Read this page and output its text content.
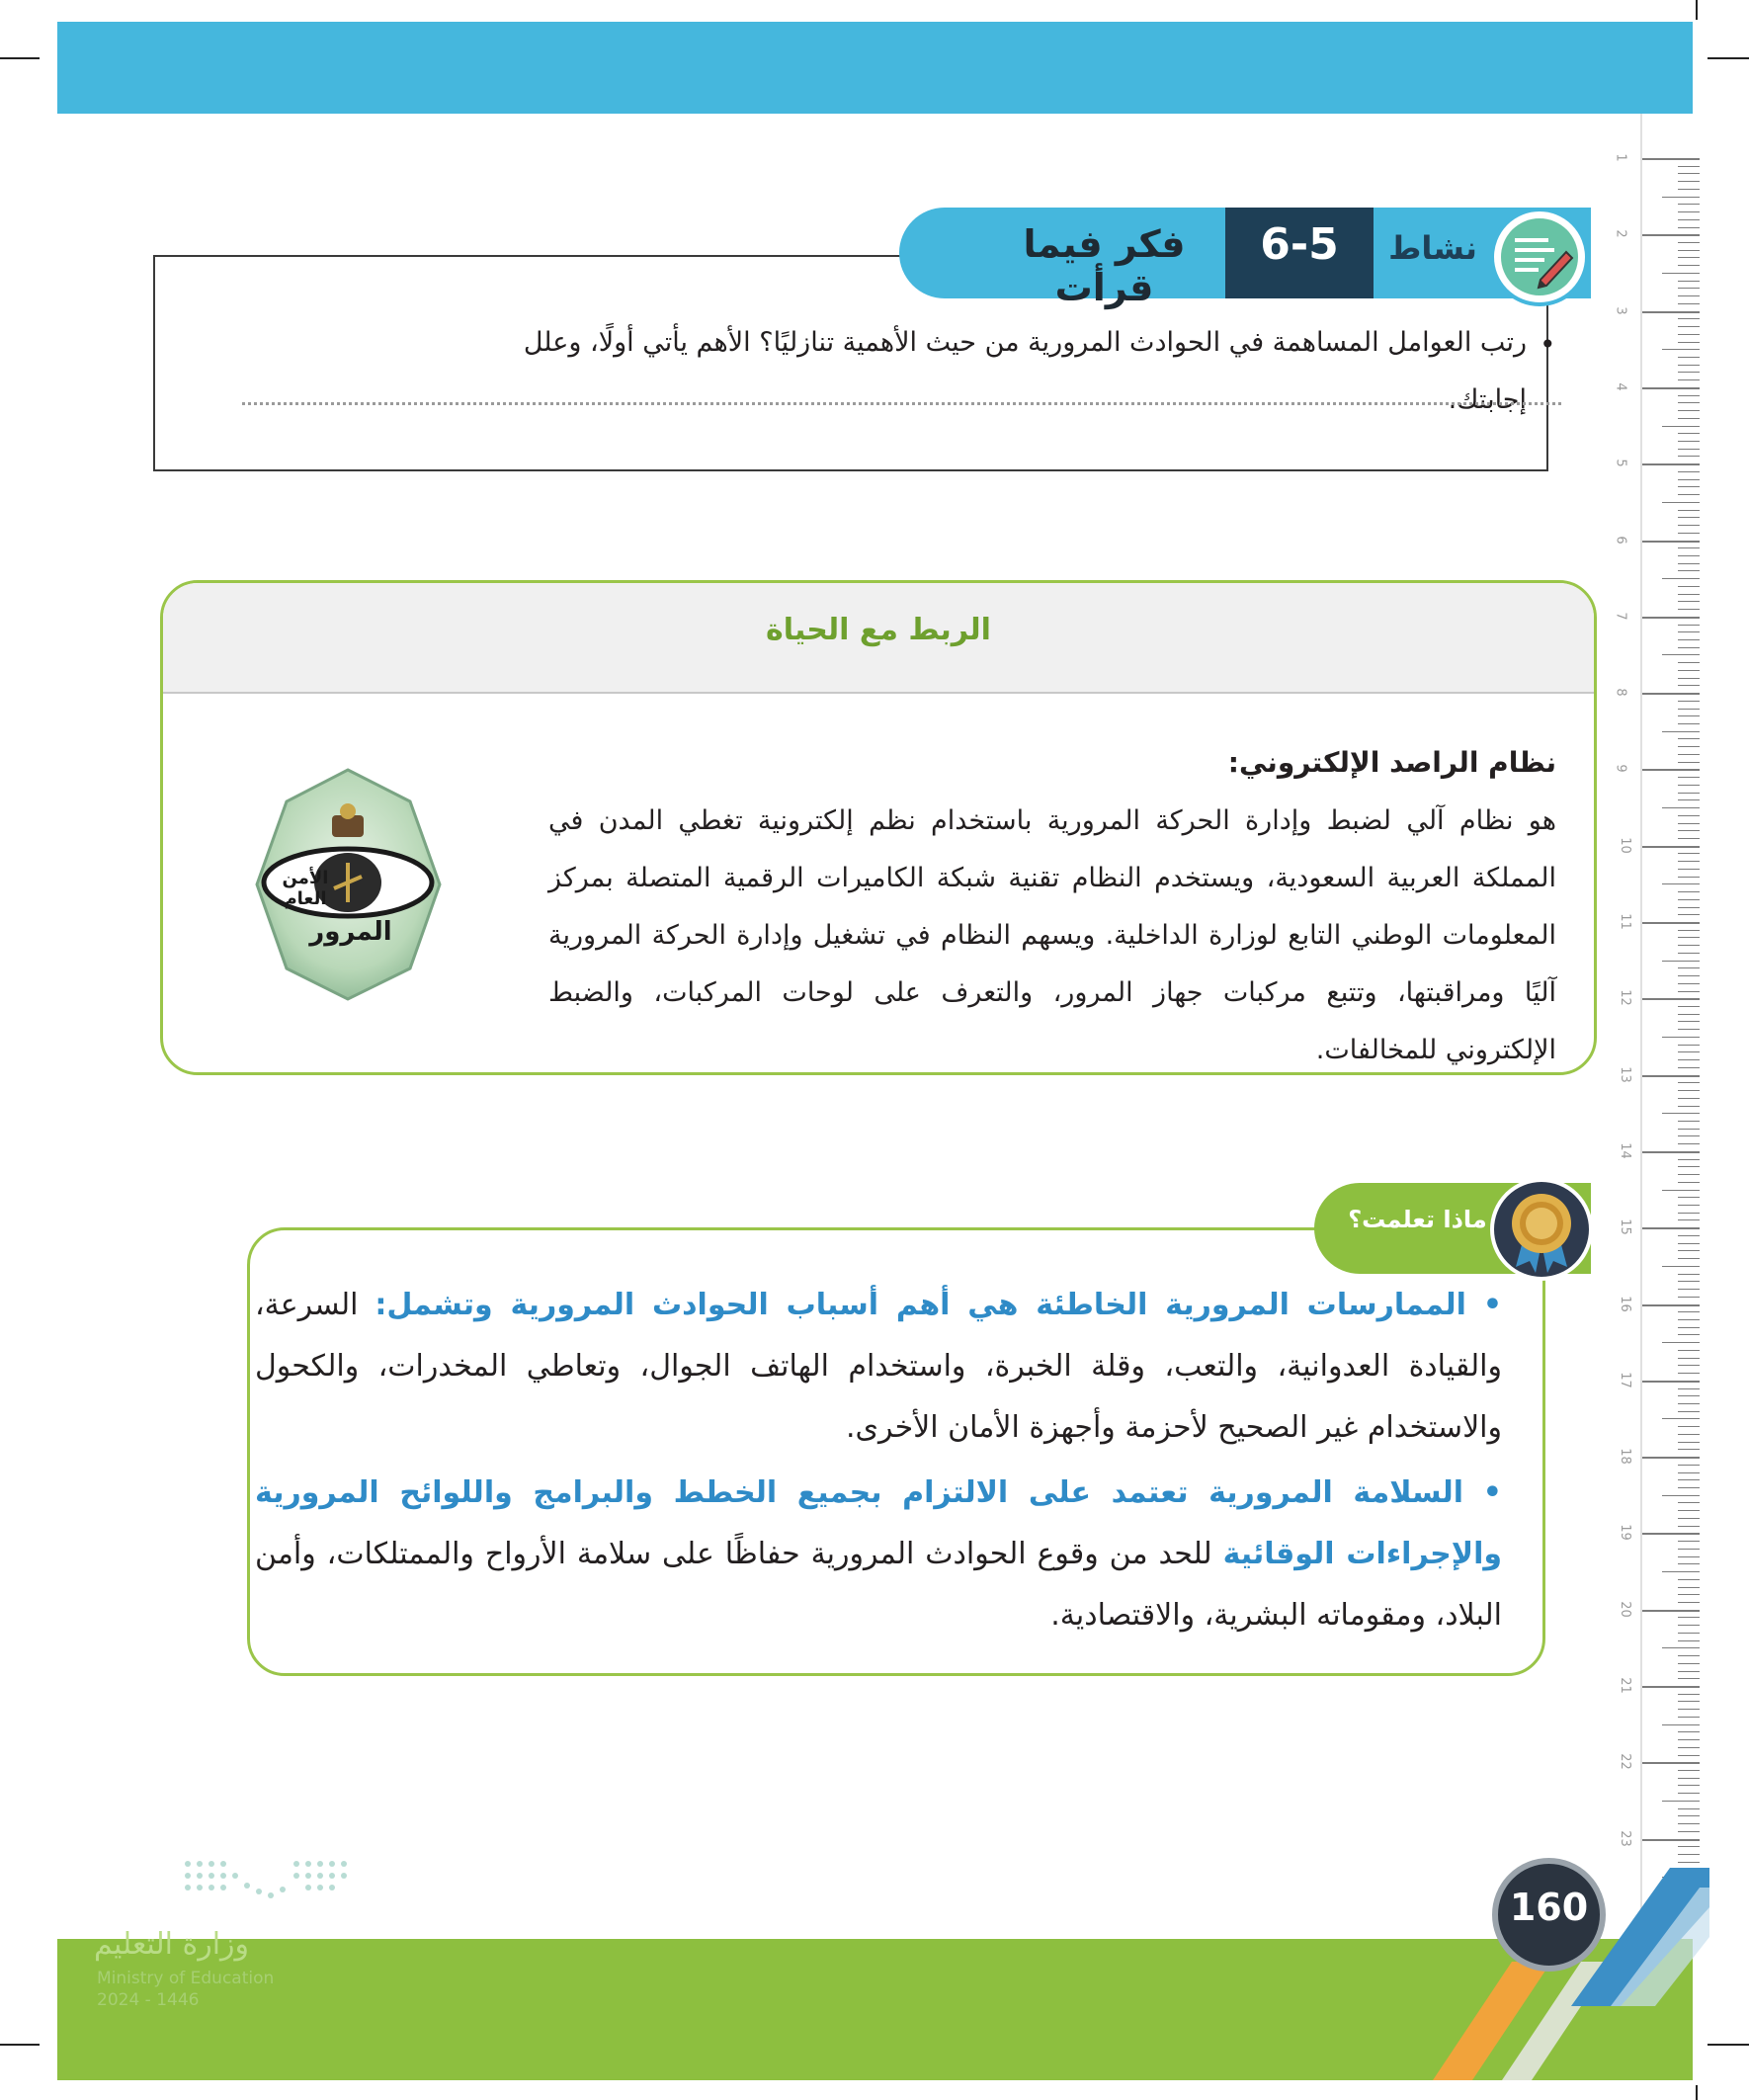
1
2
3
4
5
6
7
8
9
10
11
12
13
14
15
16
17
18
19
20
21
22
23
فكر فيما قرأت
6-5	نشاط
•
رتب العوامل المساهمة في الحوادث المرورية من حيث الأهمية تنازليًا؟ الأهم يأتي أولًا، وعلل إجابتك.
الربط مع الحياة
نظام الراصد الإلكتروني:
هو نظام آلي لضبط وإدارة الحركة المرورية باستخدام نظم إلكترونية تغطي المدن في المملكة العربية السعودية، ويستخدم النظام تقنية شبكة الكاميرات الرقمية المتصلة بمركز المعلومات الوطني التابع لوزارة الداخلية. ويسهم النظام في تشغيل وإدارة الحركة المرورية آليًا ومراقبتها، وتتبع مركبات جهاز المرور، والتعرف على لوحات المركبات، والضبط الإلكتروني للمخالفات.
الأمن العام
المرور
ماذا تعلمت؟
• الممارسات المرورية الخاطئة هي أهم أسباب الحوادث المرورية وتشمل: السرعة، والقيادة العدوانية، والتعب، وقلة الخبرة، واستخدام الهاتف الجوال، وتعاطي المخدرات، والكحول والاستخدام غير الصحيح لأحزمة وأجهزة الأمان الأخرى.
• السلامة المرورية تعتمد على الالتزام بجميع الخطط والبرامج واللوائح المرورية والإجراءات الوقائية للحد من وقوع الحوادث المرورية حفاظًا على سلامة الأرواح والممتلكات، وأمن البلاد، ومقوماته البشرية، والاقتصادية.
160
وزارة التعليم
Ministry of Education
2024 - 1446
